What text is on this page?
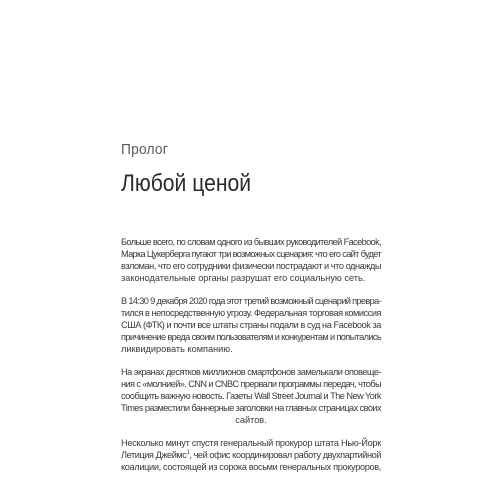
Пролог
Любой ценой

Больше всего, по словам одного из бывших руководителей Facebook,
Марка Цукерберга пугают три возможных сценария: что его сайт будет
взломан, что его сотрудники физически пострадают и что однажды
законодательные органы разрушат его социальную сеть.

В 14:30 9 декабря 2020 года этот третий возможный сценарий превра-
тился в непосредственную угрозу. Федеральная торговая комиссия
США (ФТК) и почти все штаты страны подали в суд на Facebook за
причинение вреда своим пользователям и конкурентам и попытались
ликвидировать компанию.

На экранах десятков миллионов смартфонов замелькали оповеще-
ния с «молнией». CNN и CNBC прервали программы передач, чтобы
сообщить важную новость. Газеты Wall Street Journal и The New York
Times разместили баннерные заголовки на главных страницах своих
сайтов.

Несколько минут спустя генеральный прокурор штата Нью-Йорк
Летиция Джеймс$^1$, чей офис координировал работу двухпартийной
коалиции, состоящей из сорока восьми генеральных прокуроров,
